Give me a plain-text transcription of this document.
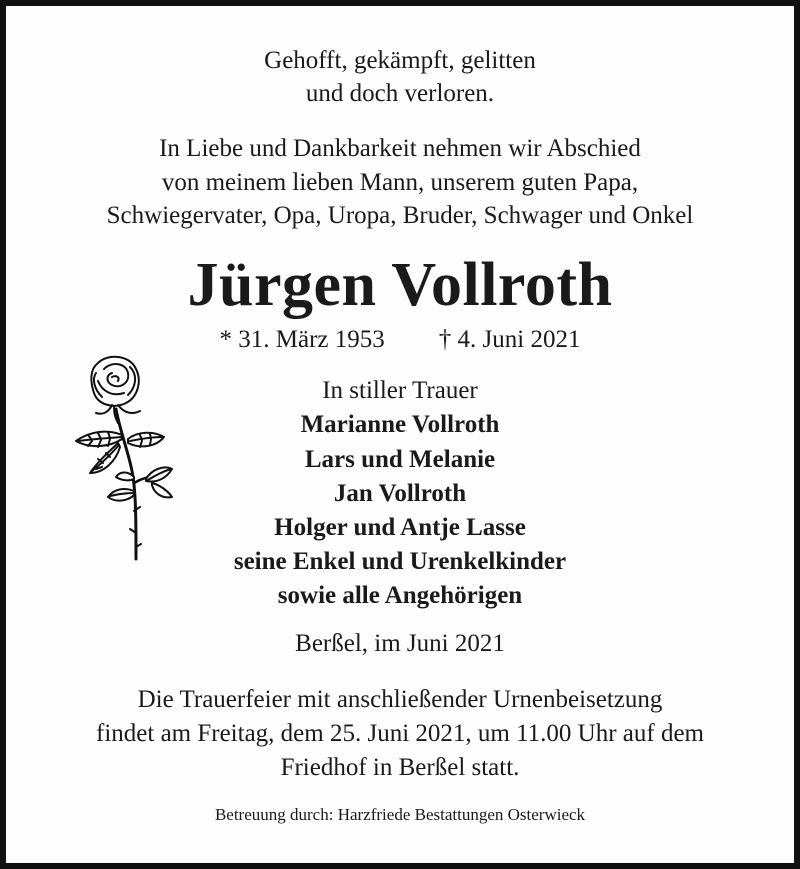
Gehofft, gekämpft, gelitten
und doch verloren.
In Liebe und Dankbarkeit nehmen wir Abschied
von meinem lieben Mann, unserem guten Papa,
Schwiegervater, Opa, Uropa, Bruder, Schwager und Onkel
Jürgen Vollroth
* 31. März 1953 † 4. Juni 2021
In stiller Trauer
Marianne Vollroth
Lars und Melanie
Jan Vollroth
Holger und Antje Lasse
seine Enkel und Urenkelkinder
sowie alle Angehörigen
Berßel, im Juni 2021
Die Trauerfeier mit anschließender Urnenbeisetzung
findet am Freitag, dem 25. Juni 2021, um 11.00 Uhr auf dem
Friedhof in Berßel statt.
Betreuung durch: Harzfriede Bestattungen Osterwieck
